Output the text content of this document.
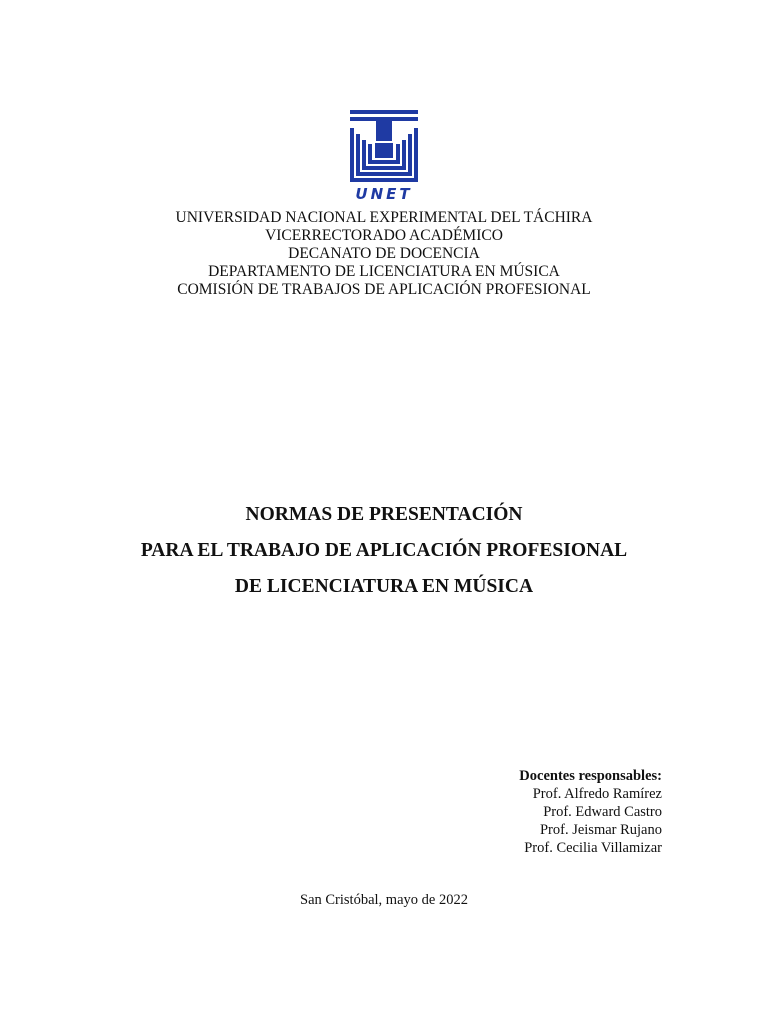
UNET
UNIVERSIDAD NACIONAL EXPERIMENTAL DEL TÁCHIRA
VICERRECTORADO ACADÉMICO
DECANATO DE DOCENCIA
DEPARTAMENTO DE LICENCIATURA EN MÚSICA
COMISIÓN DE TRABAJOS DE APLICACIÓN PROFESIONAL
NORMAS DE PRESENTACIÓN
PARA EL TRABAJO DE APLICACIÓN PROFESIONAL
DE LICENCIATURA EN MÚSICA
Docentes responsables:
Prof. Alfredo Ramírez
Prof. Edward Castro
Prof. Jeismar Rujano
Prof. Cecilia Villamizar
San Cristóbal, mayo de 2022
